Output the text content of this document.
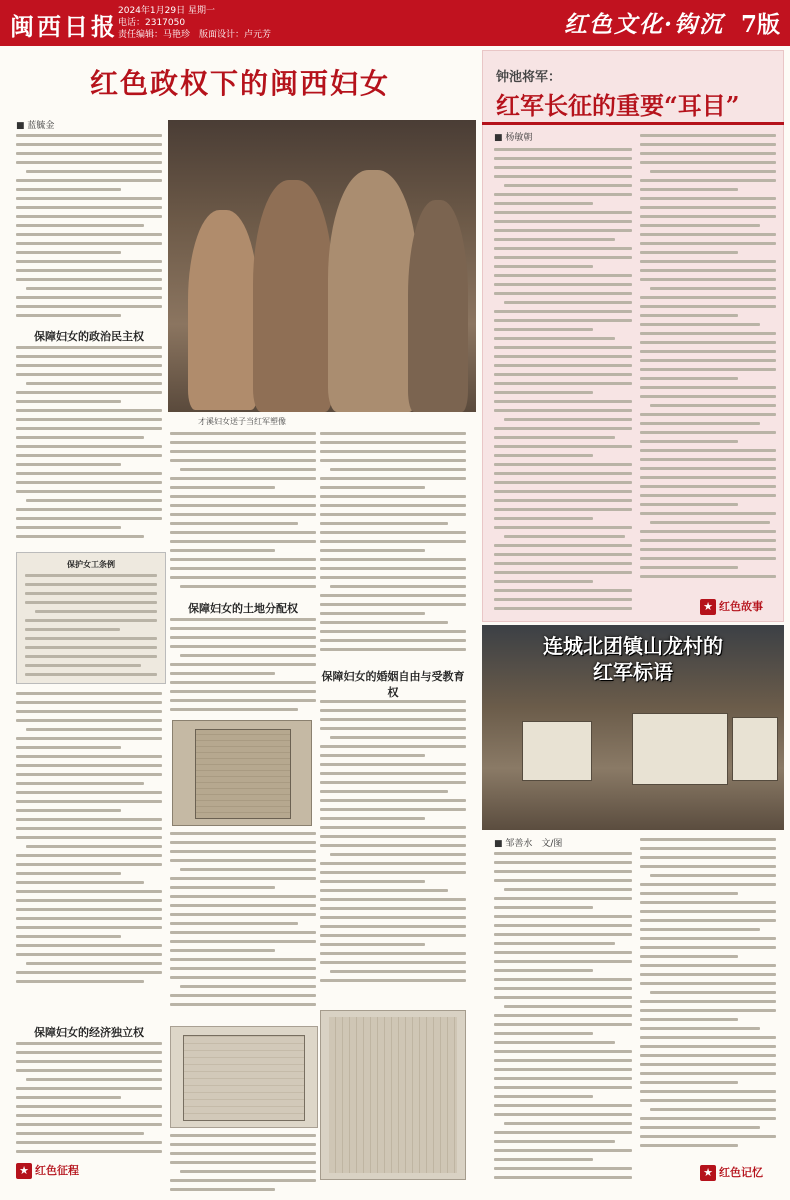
闽西日报
2024年1月29日 星期一
电话：2317050
责任编辑：马艳珍　版面设计：卢元芳	红色文化·钩沉 7版
红色政权下的闽西妇女
■ 蓝毓金
保障妇女的政治民主权
保护女工条例
保障妇女的经济独立权
★ 红色征程
才溪妇女送子当红军塑像
保障妇女的土地分配权
保障妇女的婚姻自由与受教育权
钟池将军：
红军长征的重要“耳目”
■ 杨敏朝
★ 红色故事
连城北团镇山龙村的
红军标语
■ 邹善水　文/图
★ 红色记忆
